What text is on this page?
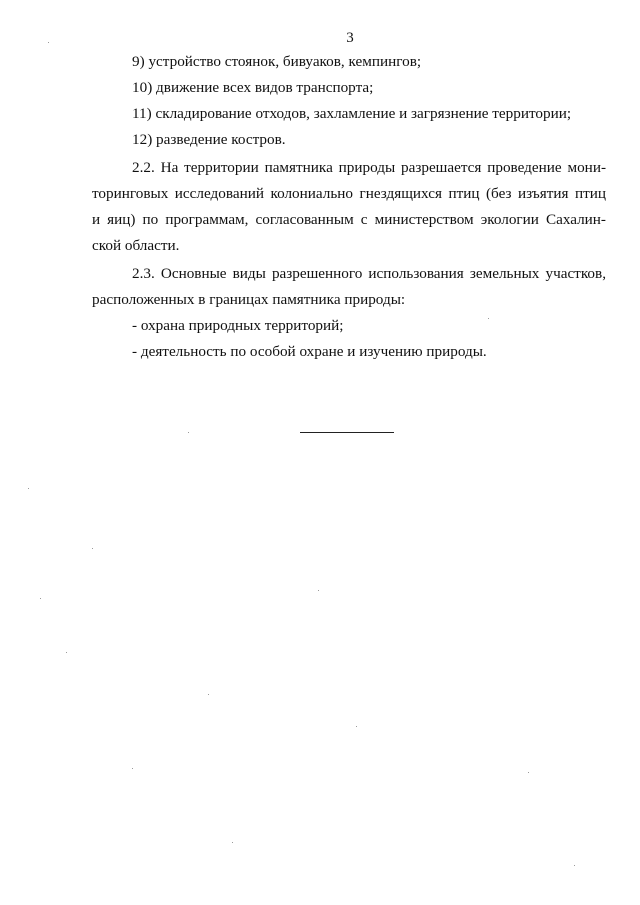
3
9) устройство стоянок, бивуаков, кемпингов;
10) движение всех видов транспорта;
11) складирование отходов, захламление и загрязнение территории;
12) разведение костров.
2.2. На территории памятника природы разрешается проведение мони-
торинговых исследований колониально гнездящихся птиц (без изъятия птиц
и яиц) по программам, согласованным с министерством экологии Сахалин-
ской области.
2.3. Основные виды разрешенного использования земельных участков,
расположенных в границах памятника природы:
- охрана природных территорий;
- деятельность по особой охране и изучению природы.
